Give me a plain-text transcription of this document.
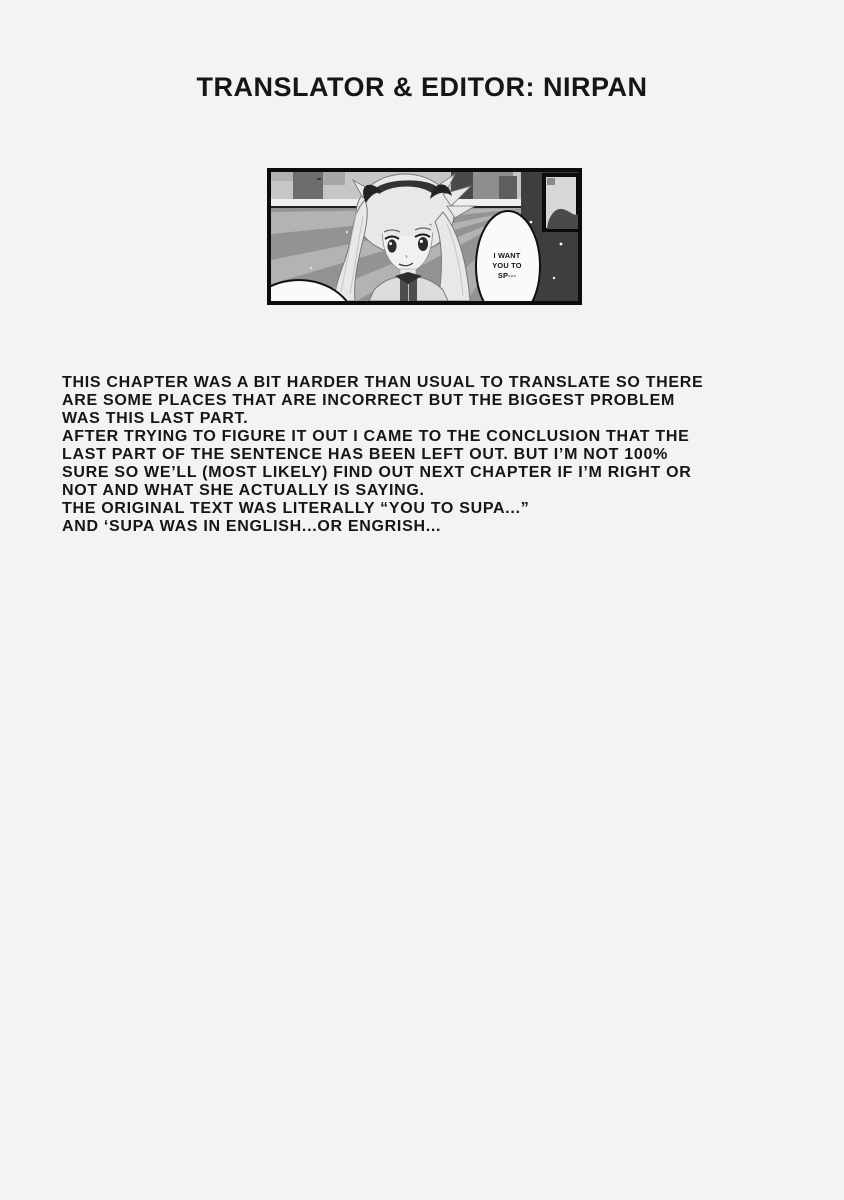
TRANSLATOR & EDITOR: NIRPAN
I WANT
YOU TO
SP---
THIS CHAPTER WAS A BIT HARDER THAN USUAL TO TRANSLATE SO THERE
ARE SOME PLACES THAT ARE INCORRECT BUT THE BIGGEST PROBLEM
WAS THIS LAST PART.
AFTER TRYING TO FIGURE IT OUT I CAME TO THE CONCLUSION THAT THE
LAST PART OF THE SENTENCE HAS BEEN LEFT OUT. BUT I’M NOT 100%
SURE SO WE’LL (MOST LIKELY) FIND OUT NEXT CHAPTER IF I’M RIGHT OR
NOT AND WHAT SHE ACTUALLY IS SAYING.
THE ORIGINAL TEXT WAS LITERALLY “YOU TO SUPA...”
AND ‘SUPA WAS IN ENGLISH...OR ENGRISH...
